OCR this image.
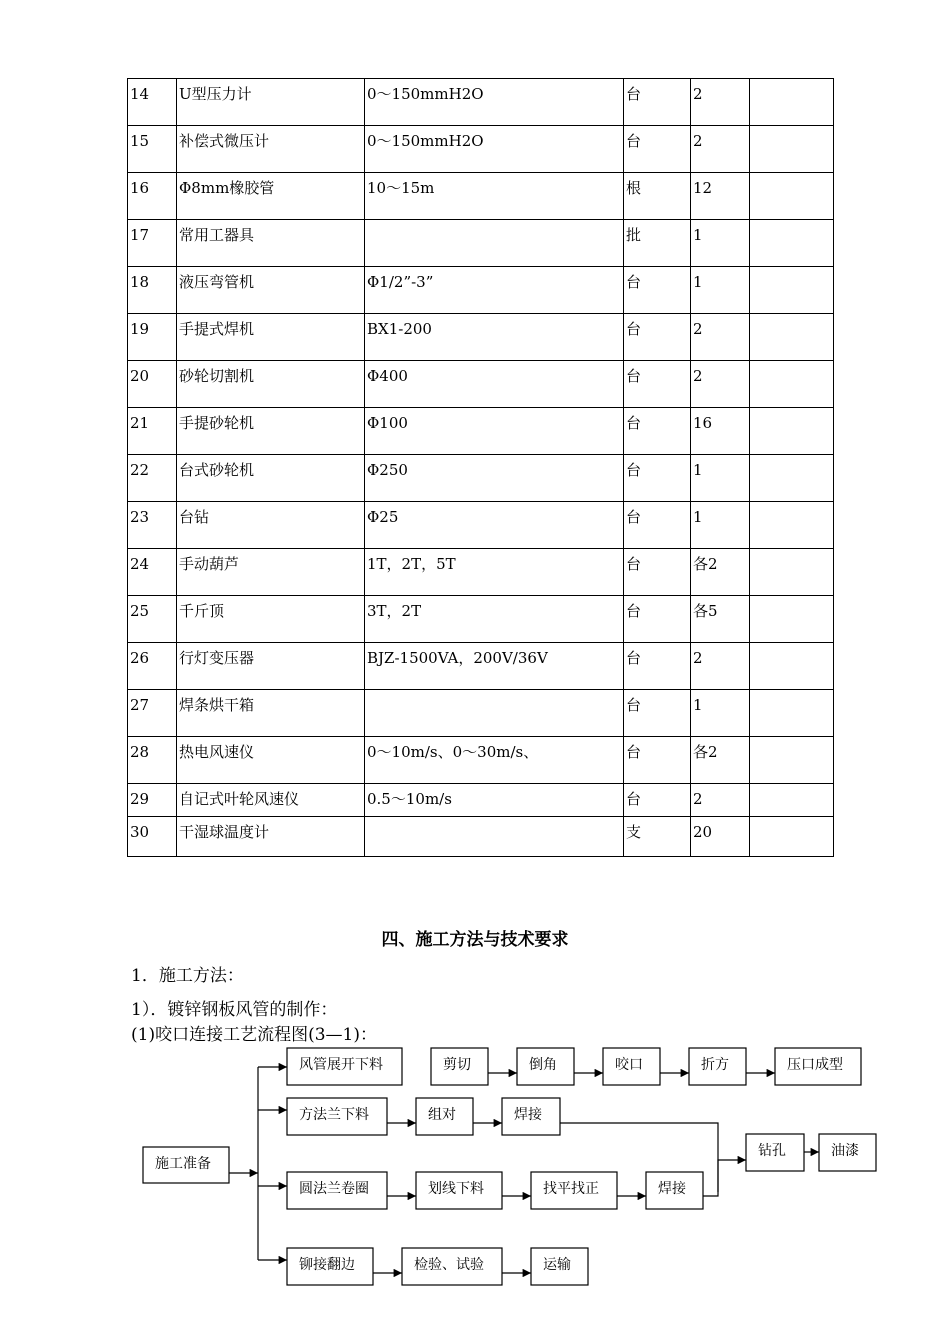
14	U型压力计	0～150mmH2O	台	2	
15	补偿式微压计	0～150mmH2O	台	2	
16	Φ8mm橡胶管	10～15m	根	12	
17	常用工器具		批	1	
18	液压弯管机	Φ1/2”-3”	台	1	
19	手提式焊机	BX1-200	台	2	
20	砂轮切割机	Φ400	台	2	
21	手提砂轮机	Φ100	台	16	
22	台式砂轮机	Φ250	台	1	
23	台钻	Φ25	台	1	
24	手动葫芦	1T，2T，5T	台	各2	
25	千斤顶	3T，2T	台	各5	
26	行灯变压器	BJZ-1500VA，200V/36V	台	2	
27	焊条烘干箱		台	1	
28	热电风速仪	0～10m/s、0～30m/s、	台	各2	
29	自记式叶轮风速仪	0.5～10m/s	台	2	
30	干湿球温度计		支	20	
四、施工方法与技术要求
1．施工方法：
1）．镀锌钢板风管的制作：
(1)咬口连接工艺流程图(3—1)：
施工准备
风管展开下料	剪切	倒角	咬口	折方	压口成型
方法兰下料	组对	焊接
圆法兰卷圈	划线下料	找平找正	焊接
铆接翻边	检验、试验	运输
钻孔	油漆
